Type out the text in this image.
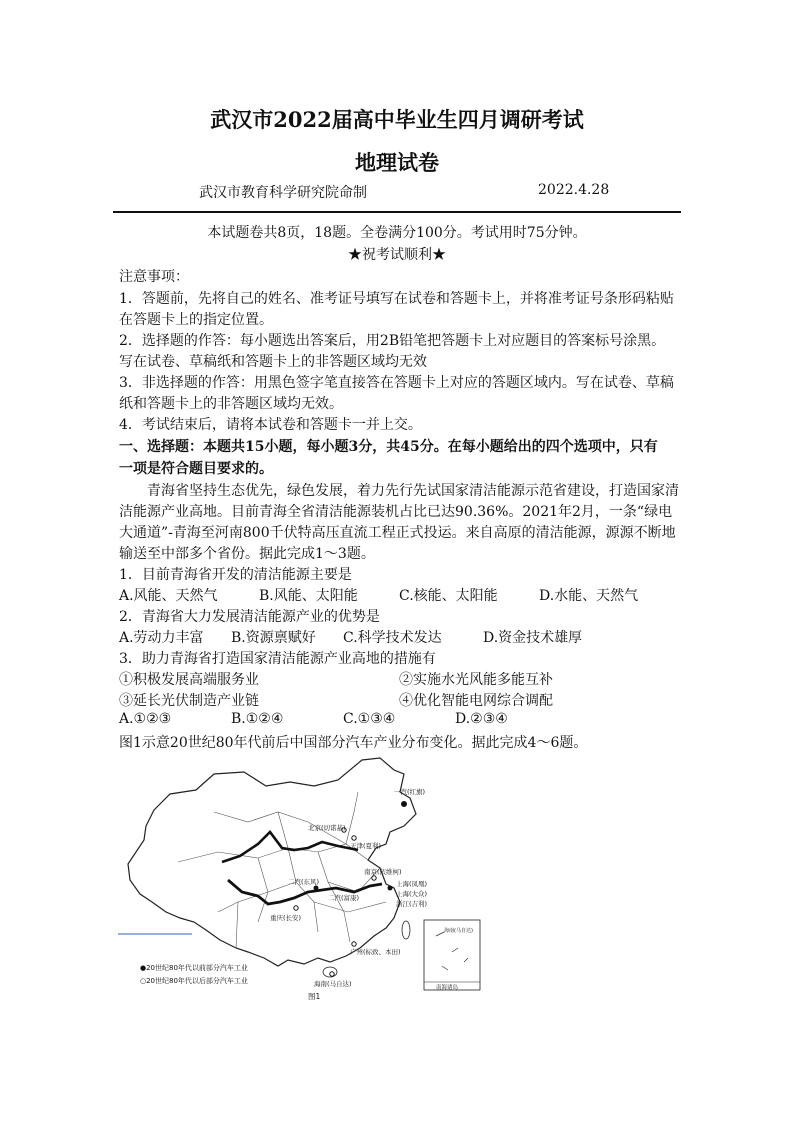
武汉市2022届高中毕业生四月调研考试
地理试卷
武汉市教育科学研究院命制	2022.4.28
本试题卷共8页，18题。全卷满分100分。考试用时75分钟。
★祝考试顺利★
注意事项：
1．答题前，先将自己的姓名、准考证号填写在试卷和答题卡上，并将准考证号条形码粘贴
在答题卡上的指定位置。
2．选择题的作答：每小题选出答案后，用2B铅笔把答题卡上对应题目的答案标号涂黑。
写在试卷、草稿纸和答题卡上的非答题区域均无效
3．非选择题的作答：用黑色签字笔直接答在答题卡上对应的答题区域内。写在试卷、草稿
纸和答题卡上的非答题区域均无效。
4．考试结束后，请将本试卷和答题卡一并上交。
一、选择题：本题共15小题，每小题3分，共45分。在每小题给出的四个选项中，只有
一项是符合题目要求的。
青海省坚持生态优先，绿色发展，着力先行先试国家清洁能源示范省建设，打造国家清
洁能源产业高地。目前青海全省清洁能源装机占比已达90.36%。2021年2月，一条“绿电
大通道”-青海至河南800千伏特高压直流工程正式投运。来自高原的清洁能源，源源不断地
输送至中部多个省份。据此完成1～3题。
1．目前青海省开发的清洁能源主要是
A.风能、天然气	B.风能、太阳能	C.核能、太阳能	D.水能、天然气
2．青海省大力发展清洁能源产业的优势是
A.劳动力丰富 B.资源禀赋好 C.科学技术发达	D.资金技术雄厚
3．助力青海省打造国家清洁能源产业高地的措施有
①积极发展高端服务业	②实施水光风能多能互补
③延长光伏制造产业链	④优化智能电网综合调配
A.①②③	B.①②④	C.①③④	D.②③④
图1示意20世纪80年代前后中国部分汽车产业分布变化。据此完成4～6题。
一汽(红旗)
北京(切诺基)
天津(夏利)
南京(依维柯)
二汽(东风)
二汽(富康)
上海(凤凰)
上海(大众)
浙江(吉利)
重庆(长安)
广州(标致、本田)
海南(马自达)
海南(马自达)
南海诸岛
●20世纪80年代以前部分汽车工业
○20世纪80年代以后部分汽车工业
图1
